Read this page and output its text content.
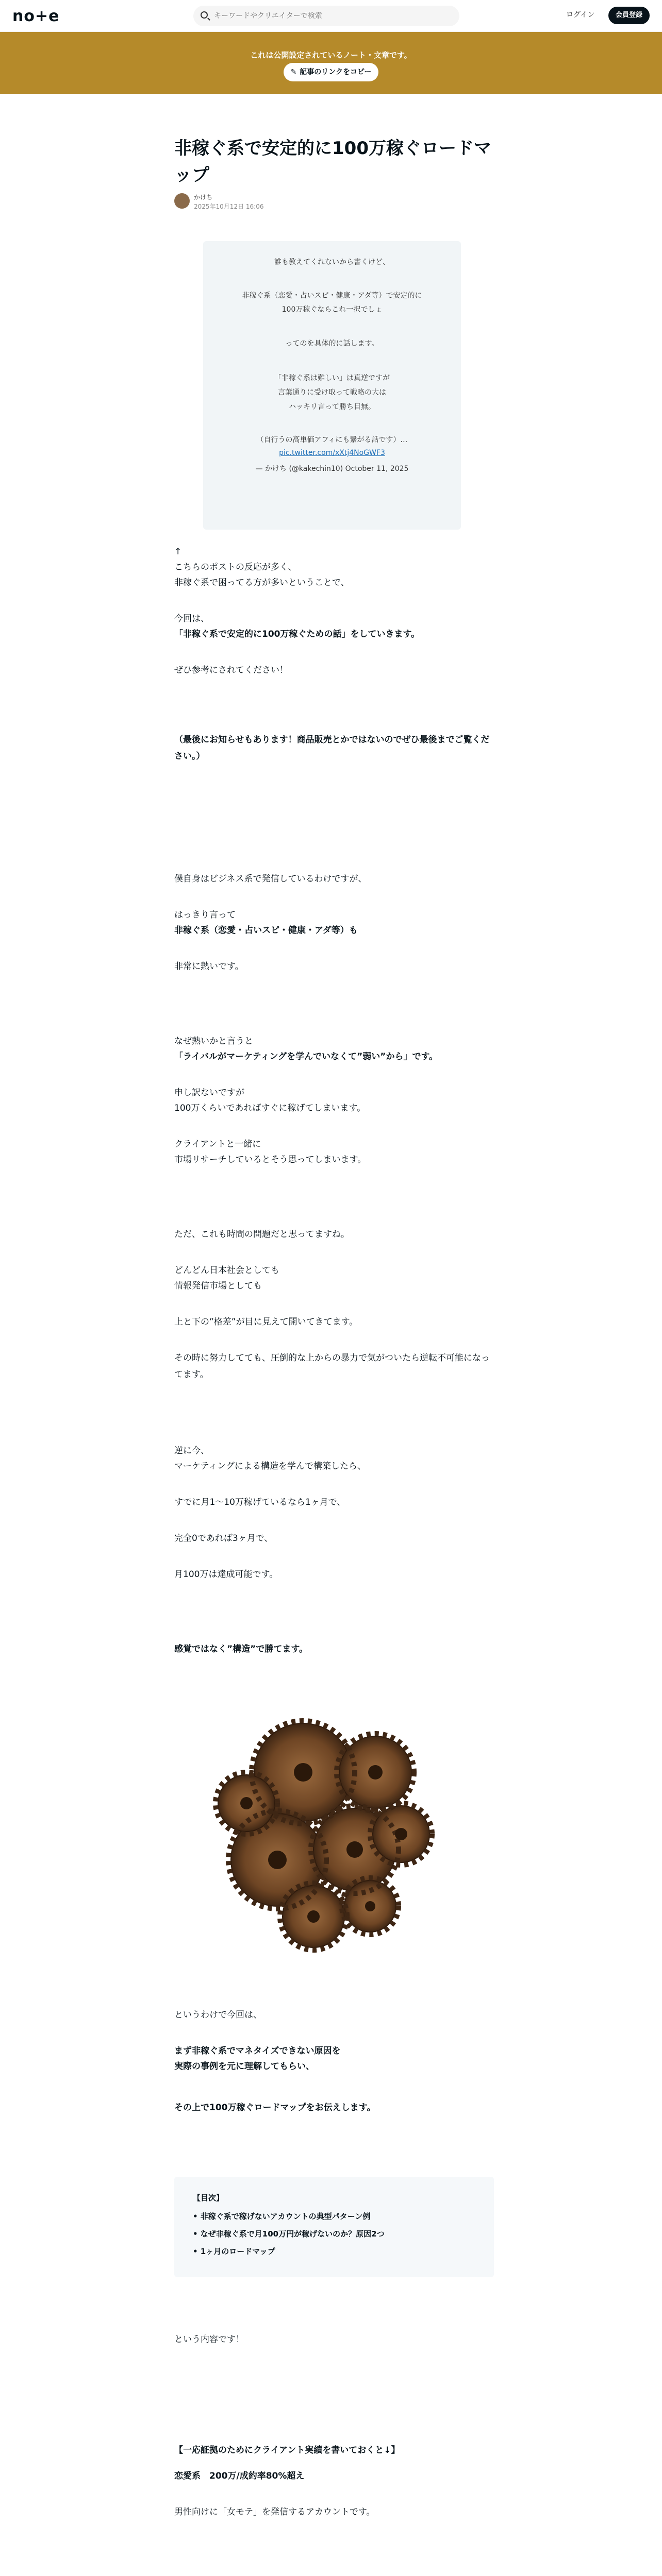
no+e
キーワードやクリエイターで検索	ログイン	会員登録
これは公開設定されているノート・文章です。
✎ 記事のリンクをコピー
非稼ぐ系で安定的に100万稼ぐロードマップ
かけち
2025年10月12日 16:06

誰も教えてくれないから書くけど、

非稼ぐ系（恋愛・占いスピ・健康・アダ等）で安定的に

100万稼ぐならこれ一択でしょ

ってのを具体的に話します。

「非稼ぐ系は難しい」は真逆ですが

言葉通りに受け取って戦略の大は

ハッキリ言って勝ち目無。

（自行うの高単価アフィにも繋がる話です）…

pic.twitter.com/xXtj4NoGWF3

— かけち (@kakechin10) October 11, 2025

↑
こちらのポストの反応が多く、
非稼ぐ系で困ってる方が多いということで、
今回は、
「非稼ぐ系で安定的に100万稼ぐための話」をしていきます。
ぜひ参考にされてください！
（最後にお知らせもあります！商品販売とかではないのでぜひ最後までご覧ください。）
僕自身はビジネス系で発信しているわけですが、
はっきり言って
非稼ぐ系（恋愛・占いスピ・健康・アダ等）も
非常に熱いです。
なぜ熱いかと言うと
「ライバルがマーケティングを学んでいなくて”弱い”から」です。
申し訳ないですが
100万くらいであればすぐに稼げてしまいます。
クライアントと一緒に
市場リサーチしているとそう思ってしまいます。
ただ、これも時間の問題だと思ってますね。
どんどん日本社会としても
情報発信市場としても
上と下の”格差”が目に見えて開いてきてます。
その時に努力してても、圧倒的な上からの暴力で気がついたら逆転不可能になってます。
逆に今、
マーケティングによる構造を学んで構築したら、
すでに月1〜10万稼げているなら1ヶ月で、
完全0であれば3ヶ月で、
月100万は達成可能です。
感覚ではなく”構造”で勝てます。
というわけで今回は、
まず非稼ぐ系でマネタイズできない原因を
実際の事例を元に理解してもらい、
その上で100万稼ぐロードマップをお伝えします。
【目次】
• 非稼ぐ系で稼げないアカウントの典型パターン例
• なぜ非稼ぐ系で月100万円が稼げないのか？原因2つ
• 1ヶ月のロードマップ
という内容です！
【一応証拠のためにクライアント実績を書いておくと↓】
恋愛系　200万/成約率80%超え
男性向けに「女モテ」を発信するアカウントです。
